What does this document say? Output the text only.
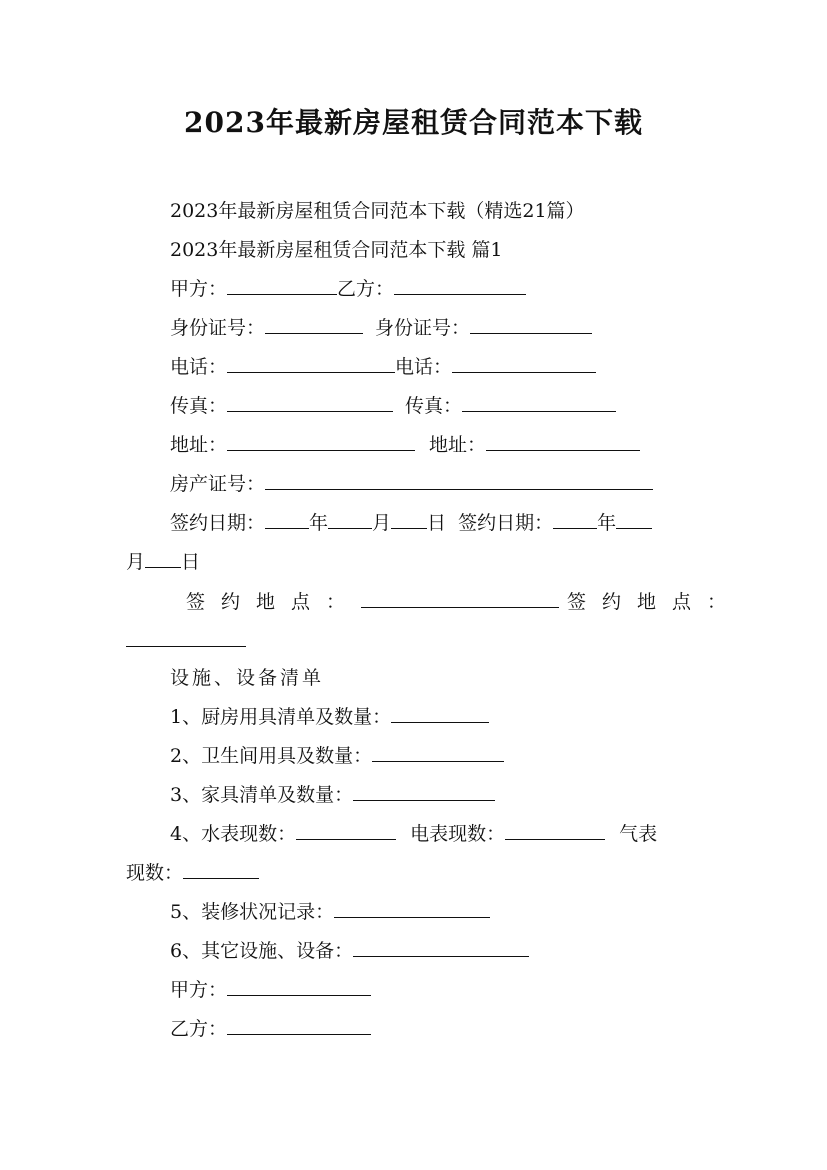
2023年最新房屋租赁合同范本下载
2023年最新房屋租赁合同范本下载（精选21篇）
2023年最新房屋租赁合同范本下载 篇1
甲方：	乙方：
身份证号：	身份证号：
电话：	电话：
传真：	传真：
地址：	地址：
房产证号：
签约日期： 年 月 日 签约日期： 年
月 日
签约地点：	签约地点：
设施、设备清单
1、厨房用具清单及数量：
2、卫生间用具及数量：
3、家具清单及数量：
4、水表现数：	电表现数：	气表
现数：
5、装修状况记录：
6、其它设施、设备：
甲方：
乙方：
